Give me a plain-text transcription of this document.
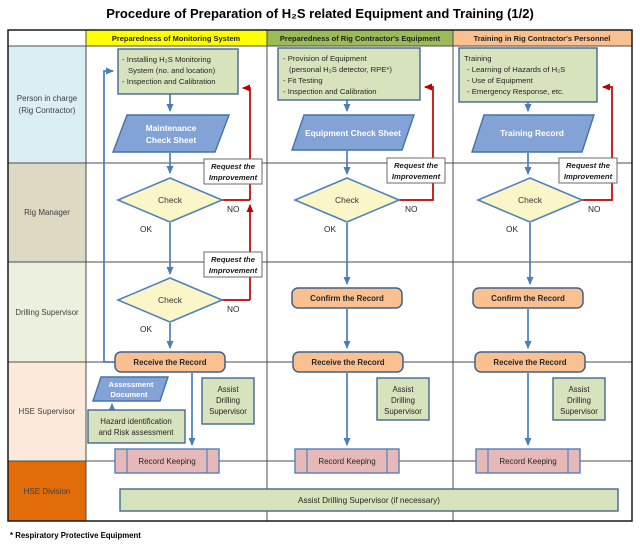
Procedure of Preparation of H₂S related Equipment and Training (1/2)
Preparedness of Monitoring System	Preparedness of Rig Contractor's Equipment	Training in Rig Contractor's Personnel
Person in charge
(Rig Contractor)
Rig Manager
Drilling Supervisor
HSE Supervisor
HSE Division
- Installing H₂S Monitoring
System (no. and location)
- Inspection and Calibration
Maintenance
Check Sheet
Check
OK
NO
Check
OK
NO
Request the
Improvement
Request the
Improvement
Receive the Record
Assessment
Document
Hazard identification
and Risk assessment
Assist
Drilling
Supervisor
Record Keeping
- Provision of Equipment
(personal H₂S detector, RPE*)
- Fit Testing
- Inspection and Calibration
Equipment Check Sheet
Check
OK
NO
Request the
Improvement
Confirm the Record
Receive the Record
Assist
Drilling
Supervisor
Record Keeping
Training
- Learning of Hazards of H₂S
- Use of Equipment
- Emergency Response, etc.
Training Record
Check
OK
NO
Request the
Improvement
Confirm the Record
Receive the Record
Assist
Drilling
Supervisor
Record Keeping
Assist Drilling Supervisor (if necessary)
* Respiratory Protective Equipment
